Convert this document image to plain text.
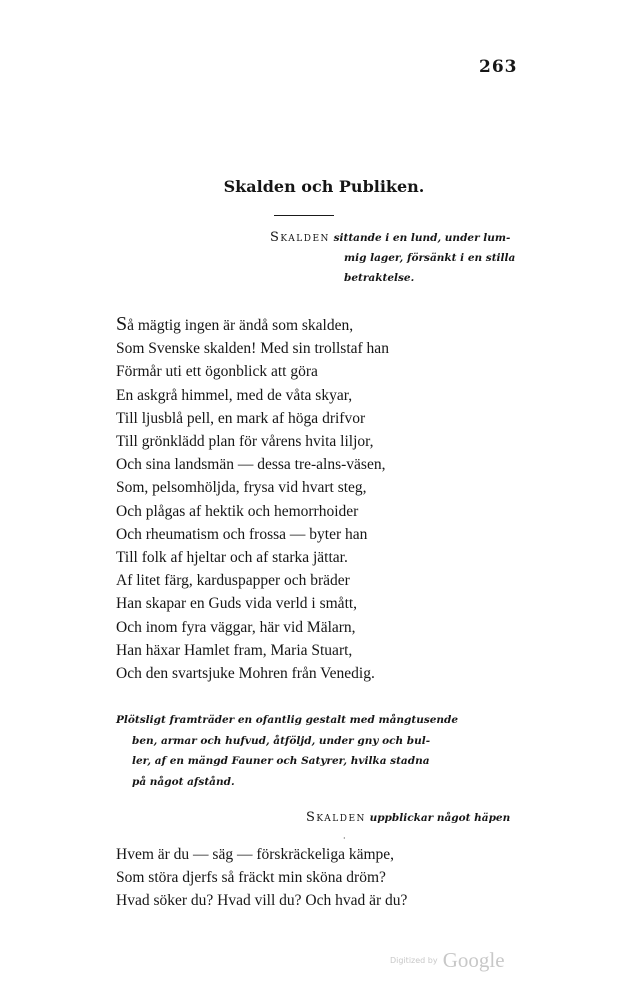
263
Skalden och Publiken.
Skalden sittande i en lund, under lum-
mig lager, försänkt i en stilla
betraktelse.
Så mägtig ingen är ändå som skalden,
Som Svenske skalden! Med sin trollstaf han
Förmår uti ett ögonblick att göra
En askgrå himmel, med de våta skyar,
Till ljusblå pell, en mark af höga drifvor
Till grönklädd plan för vårens hvita liljor,
Och sina landsmän — dessa tre-alns-väsen,
Som, pelsomhöljda, frysa vid hvart steg,
Och plågas af hektik och hemorrhoider
Och rheumatism och frossa — byter han
Till folk af hjeltar och af starka jättar.
Af litet färg, karduspapper och bräder
Han skapar en Guds vida verld i smått,
Och inom fyra väggar, här vid Mälarn,
Han häxar Hamlet fram, Maria Stuart,
Och den svartsjuke Mohren från Venedig.
Plötsligt framträder en ofantlig gestalt med mångtusende
ben, armar och hufvud, åtföljd, under gny och bul-
ler, af en mängd Fauner och Satyrer, hvilka stadna
på något afstånd.
Skalden uppblickar något häpen
·
Hvem är du — säg — förskräckeliga kämpe,
Som störa djerfs så fräckt min sköna dröm?
Hvad söker du? Hvad vill du? Och hvad är du?
Digitized by Google
